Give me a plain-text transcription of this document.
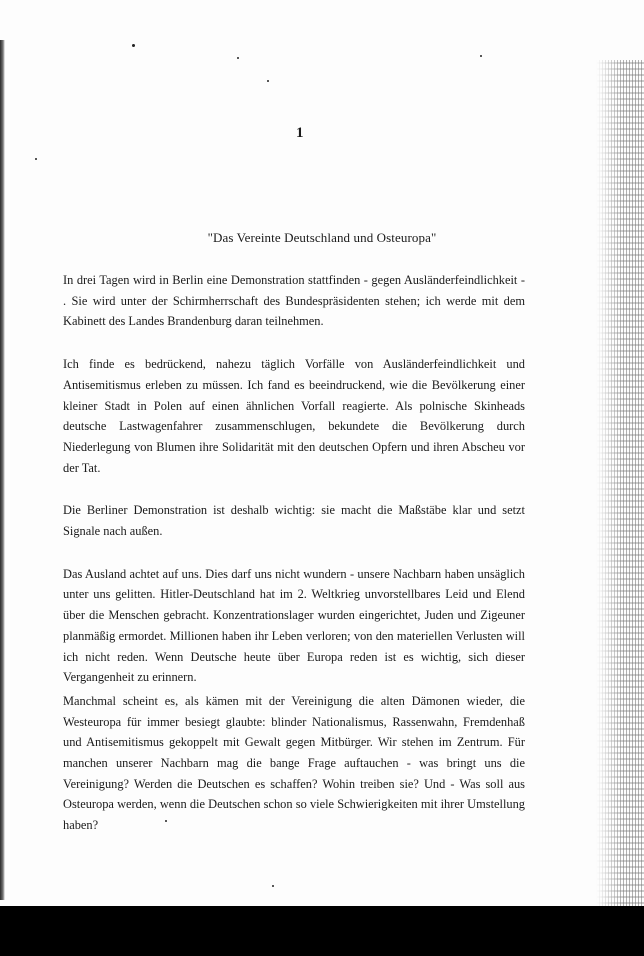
1
"Das Vereinte Deutschland und Osteuropa"

In drei Tagen wird in Berlin eine Demonstration stattfinden - gegen Ausländerfeindlichkeit - . Sie wird unter der Schirmherrschaft des Bundespräsidenten stehen; ich werde mit dem Kabinett des Landes Brandenburg daran teilnehmen.

Ich finde es bedrückend, nahezu täglich Vorfälle von Ausländerfeindlichkeit und Antisemitismus erleben zu müssen. Ich fand es beeindruckend, wie die Bevölkerung einer kleiner Stadt in Polen auf einen ähnlichen Vorfall reagierte. Als polnische Skinheads deutsche Lastwagenfahrer zusammenschlugen, bekundete die Bevölkerung durch Niederlegung von Blumen ihre Solidarität mit den deutschen Opfern und ihren Abscheu vor der Tat.

Die Berliner Demonstration ist deshalb wichtig: sie macht die Maßstäbe klar und setzt Signale nach außen.

Das Ausland achtet auf uns. Dies darf uns nicht wundern - unsere Nachbarn haben unsäglich unter uns gelitten. Hitler-Deutschland hat im 2. Weltkrieg unvorstellbares Leid und Elend über die Menschen gebracht. Konzentrationslager wurden eingerichtet, Juden und Zigeuner planmäßig ermordet. Millionen haben ihr Leben verloren; von den materiellen Verlusten will ich nicht reden. Wenn Deutsche heute über Europa reden ist es wichtig, sich dieser Vergangenheit zu erinnern.

Manchmal scheint es, als kämen mit der Vereinigung die alten Dämonen wieder, die Westeuropa für immer besiegt glaubte: blinder Nationalismus, Rassenwahn, Fremdenhaß und Antisemitismus gekoppelt mit Gewalt gegen Mitbürger. Wir stehen im Zentrum. Für manchen unserer Nachbarn mag die bange Frage auftauchen - was bringt uns die Vereinigung? Werden die Deutschen es schaffen? Wohin treiben sie? Und - Was soll aus Osteuropa werden, wenn die Deutschen schon so viele Schwierigkeiten mit ihrer Umstellung haben?
